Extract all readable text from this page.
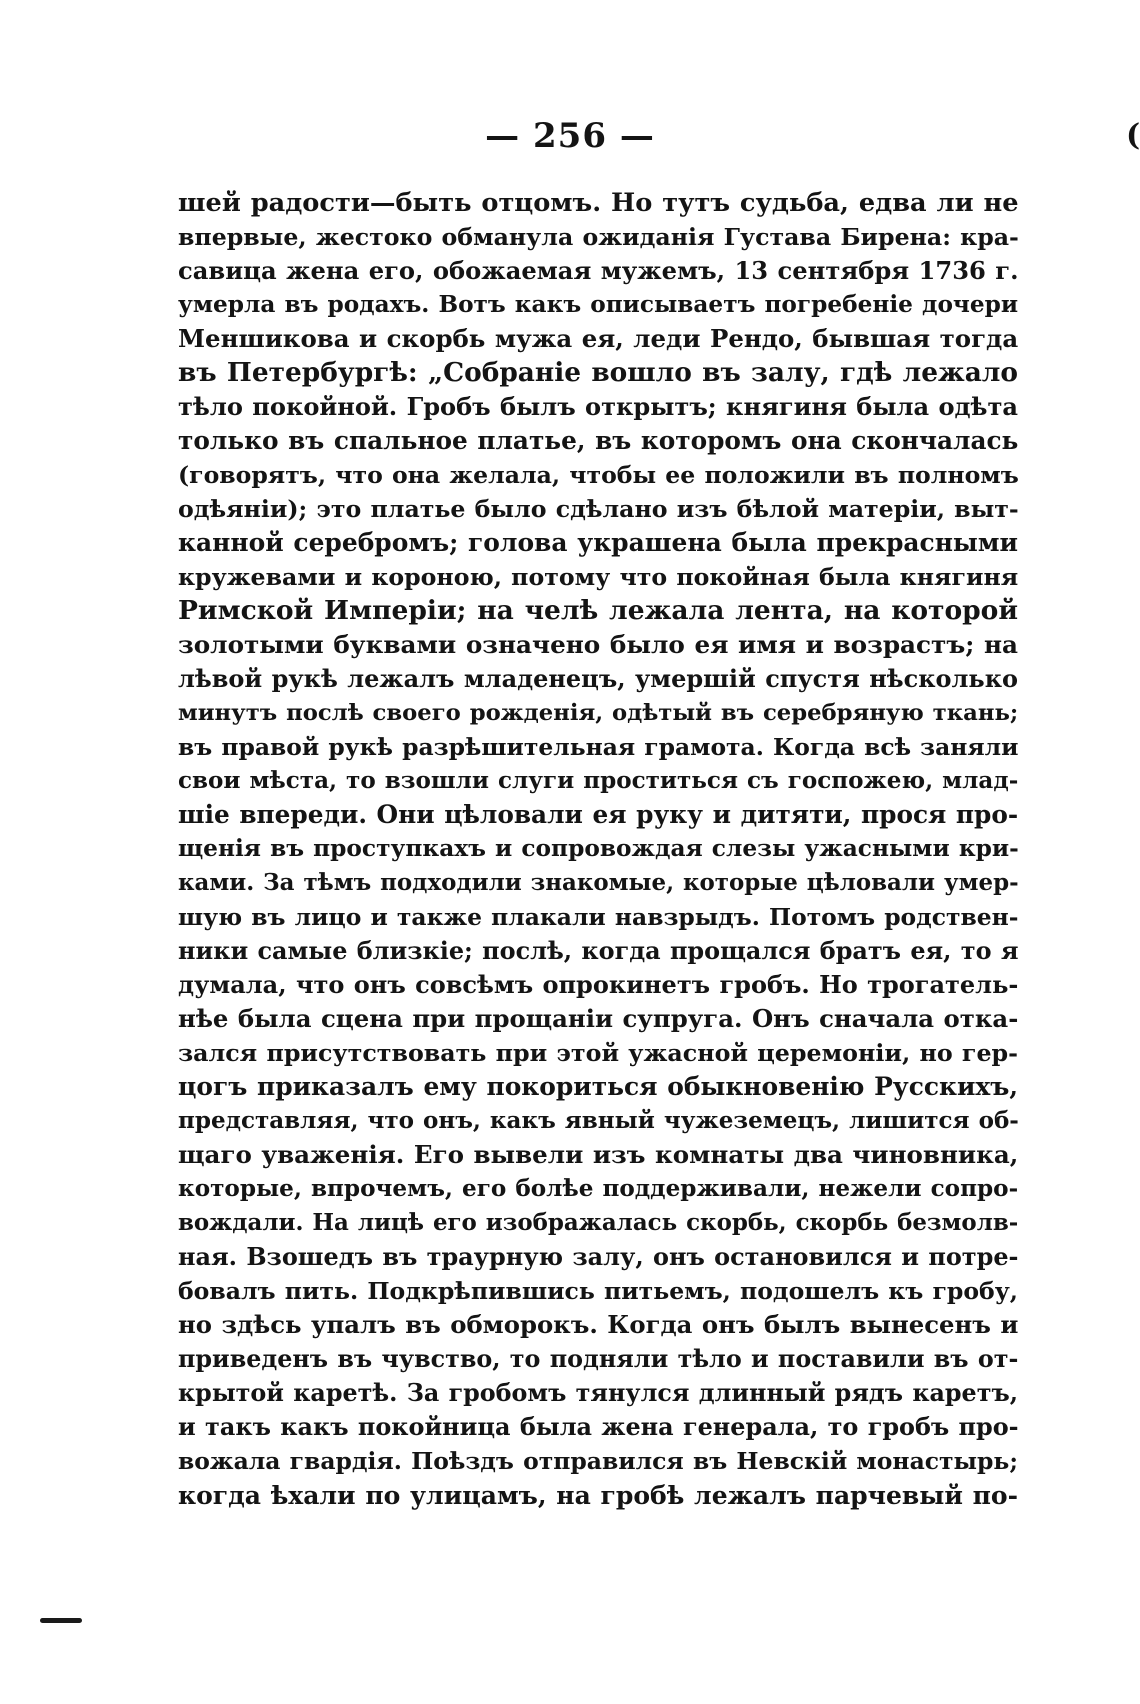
— 256 —	(
шей радости—быть отцомъ. Но тутъ судьба, едва ли не
впервые, жестоко обманула ожиданія Густава Бирена: кра-
савица жена его, обожаемая мужемъ, 13 сентября 1736 г.
умерла въ родахъ. Вотъ какъ описываетъ погребеніе дочери
Меншикова и скорбь мужа ея, леди Рендо, бывшая тогда
въ Петербургѣ: „Собраніе вошло въ залу, гдѣ лежало
тѣло покойной. Гробъ былъ открытъ; княгиня была одѣта
только въ спальное платье, въ которомъ она скончалась
(говорятъ, что она желала, чтобы ее положили въ полномъ
одѣяніи); это платье было сдѣлано изъ бѣлой матеріи, выт-
канной серебромъ; голова украшена была прекрасными
кружевами и короною, потому что покойная была княгиня
Римской Имперіи; на челѣ лежала лента, на которой
золотыми буквами означено было ея имя и возрастъ; на
лѣвой рукѣ лежалъ младенецъ, умершій спустя нѣсколько
минутъ послѣ своего рожденія, одѣтый въ серебряную ткань;
въ правой рукѣ разрѣшительная грамота. Когда всѣ заняли
свои мѣста, то взошли слуги проститься съ госпожею, млад-
шіе впереди. Они цѣловали ея руку и дитяти, прося про-
щенія въ проступкахъ и сопровождая слезы ужасными кри-
ками. За тѣмъ подходили знакомые, которые цѣловали умер-
шую въ лицо и также плакали навзрыдъ. Потомъ родствен-
ники самые близкіе; послѣ, когда прощался братъ ея, то я
думала, что онъ совсѣмъ опрокинетъ гробъ. Но трогатель-
нѣе была сцена при прощаніи супруга. Онъ сначала отка-
зался присутствовать при этой ужасной церемоніи, но гер-
цогъ приказалъ ему покориться обыкновенію Русскихъ,
представляя, что онъ, какъ явный чужеземецъ, лишится об-
щаго уваженія. Его вывели изъ комнаты два чиновника,
которые, впрочемъ, его болѣе поддерживали, нежели сопро-
вождали. На лицѣ его изображалась скорбь, скорбь безмолв-
ная. Взошедъ въ траурную залу, онъ остановился и потре-
бовалъ пить. Подкрѣпившись питьемъ, подошелъ къ гробу,
но здѣсь упалъ въ обморокъ. Когда онъ былъ вынесенъ и
приведенъ въ чувство, то подняли тѣло и поставили въ от-
крытой каретѣ. За гробомъ тянулся длинный рядъ каретъ,
и такъ какъ покойница была жена генерала, то гробъ про-
вожала гвардія. Поѣздъ отправился въ Невскій монастырь;
когда ѣхали по улицамъ, на гробѣ лежалъ парчевый по-
